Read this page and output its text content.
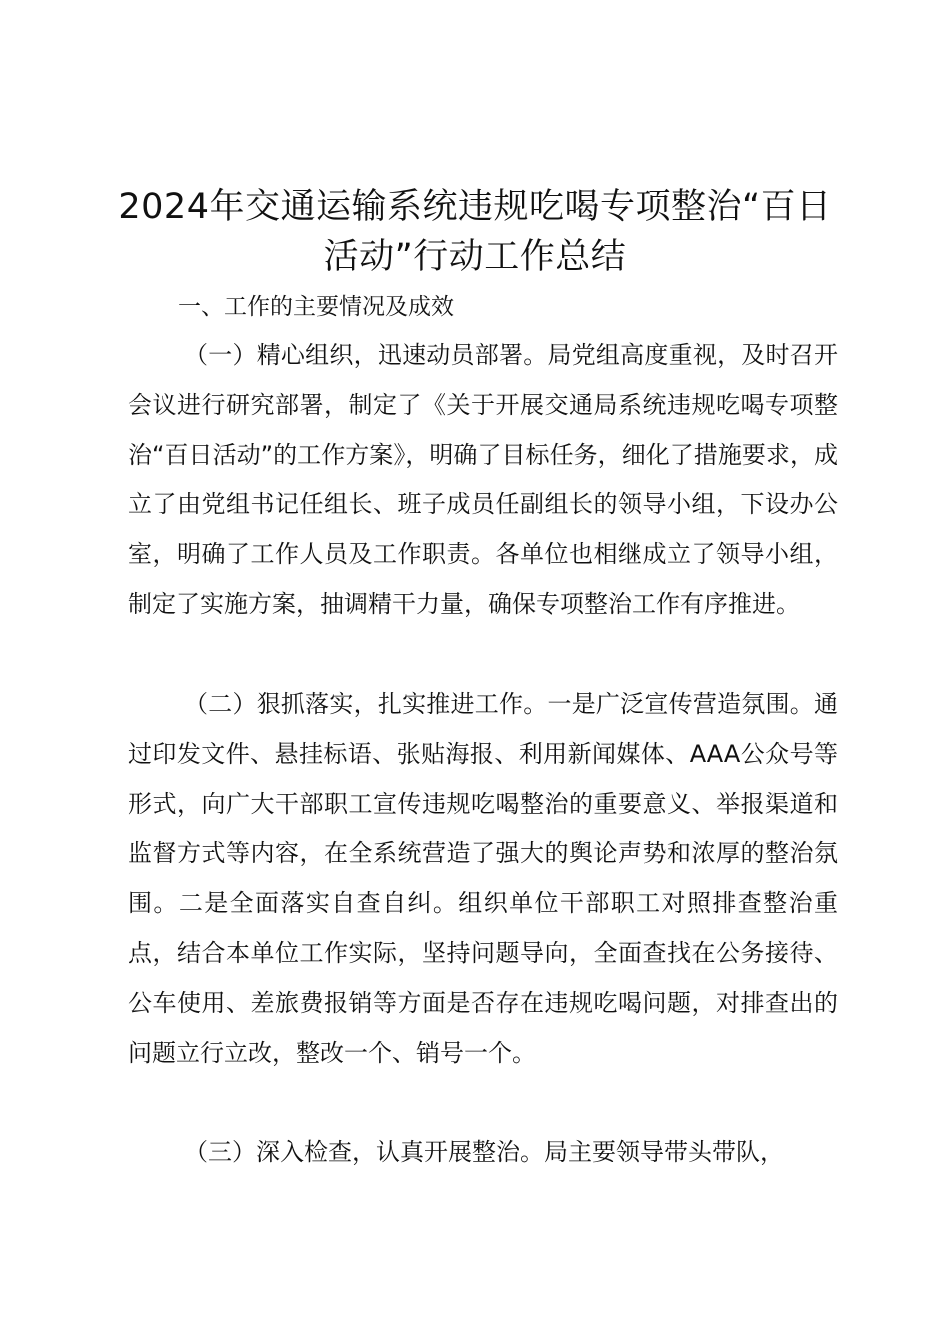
2024年交通运输系统违规吃喝专项整治“百日活动”行动工作总结

一、工作的主要情况及成效

（一）精心组织，迅速动员部署。局党组高度重视，及时召开会议进行研究部署，制定了《关于开展交通局系统违规吃喝专项整治“百日活动”的工作方案》，明确了目标任务，细化了措施要求，成立了由党组书记任组长、班子成员任副组长的领导小组，下设办公室，明确了工作人员及工作职责。各单位也相继成立了领导小组，制定了实施方案，抽调精干力量，确保专项整治工作有序推进。

（二）狠抓落实，扎实推进工作。一是广泛宣传营造氛围。通过印发文件、悬挂标语、张贴海报、利用新闻媒体、AAA公众号等形式，向广大干部职工宣传违规吃喝整治的重要意义、举报渠道和监督方式等内容，在全系统营造了强大的舆论声势和浓厚的整治氛围。二是全面落实自查自纠。组织单位干部职工对照排查整治重点，结合本单位工作实际，坚持问题导向，全面查找在公务接待、公车使用、差旅费报销等方面是否存在违规吃喝问题，对排查出的问题立行立改，整改一个、销号一个。

（三）深入检查，认真开展整治。局主要领导带头带队，
